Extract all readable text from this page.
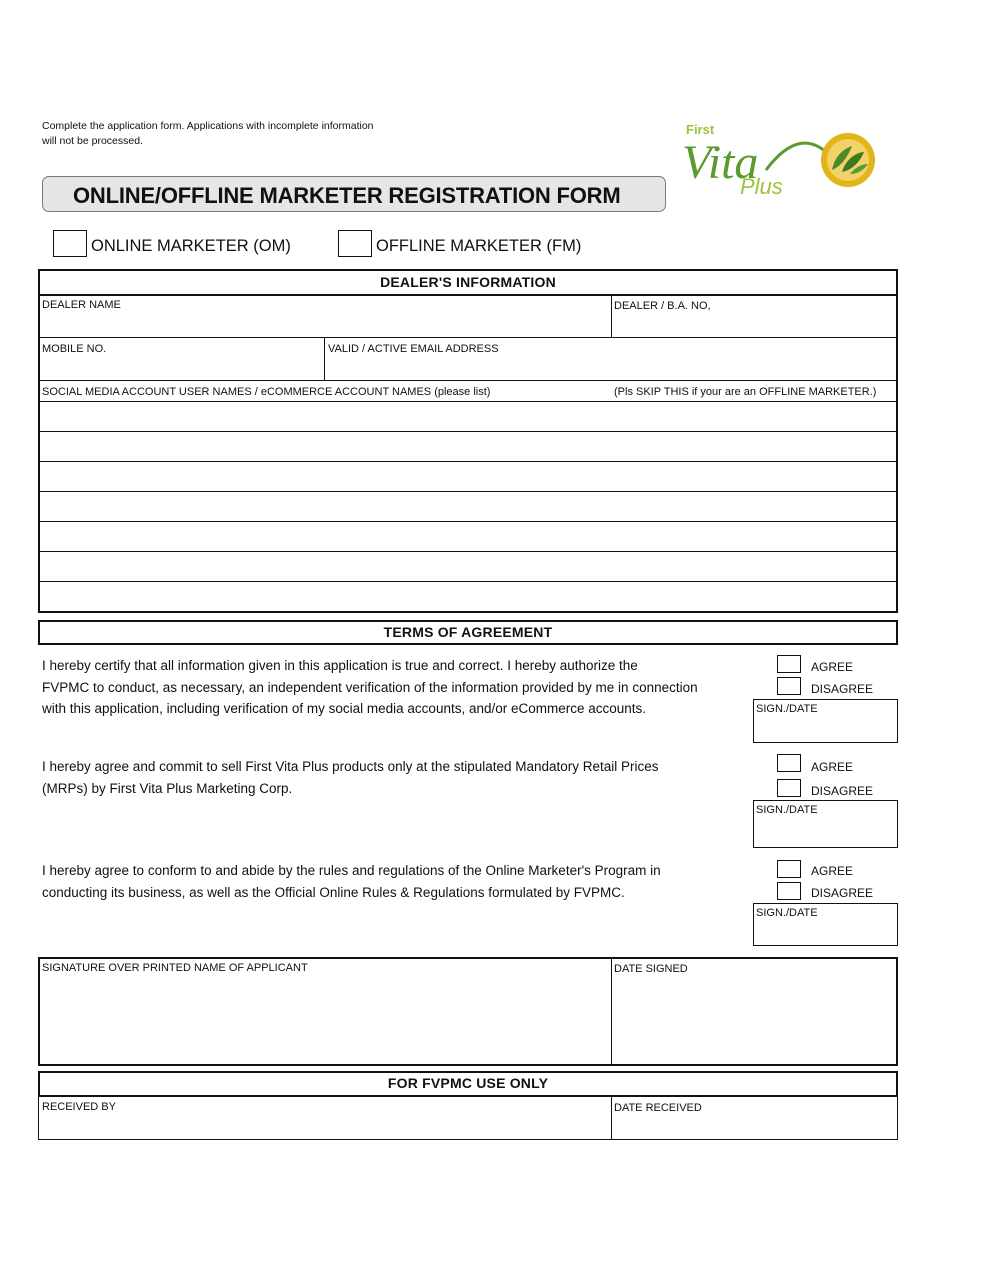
Complete the application form. Applications with incomplete information
will not be processed.
ONLINE/OFFLINE MARKETER REGISTRATION FORM
First
Vita
Plus
ONLINE MARKETER (OM)	OFFLINE MARKETER (FM)
DEALER'S INFORMATION
DEALER NAME	DEALER / B.A. NO,
MOBILE NO.	VALID / ACTIVE EMAIL ADDRESS
SOCIAL MEDIA ACCOUNT USER NAMES / eCOMMERCE ACCOUNT NAMES (please list)	(Pls SKIP THIS if your are an OFFLINE MARKETER.)
TERMS OF AGREEMENT
I hereby certify that all information given in this application is true and correct. I hereby authorize the
FVPMC to conduct, as necessary, an independent verification of the information provided by me in connection
with this application, including verification of my social media accounts, and/or eCommerce accounts.
AGREE
DISAGREE
SIGN./DATE
I hereby agree and commit to sell First Vita Plus products only at the stipulated Mandatory Retail Prices
(MRPs) by First Vita Plus Marketing Corp.
AGREE
DISAGREE
SIGN./DATE
I hereby agree to conform to and abide by the rules and regulations of the Online Marketer's Program in
conducting its business, as well as the Official Online Rules & Regulations formulated by FVPMC.
AGREE
DISAGREE
SIGN./DATE
SIGNATURE OVER PRINTED NAME OF APPLICANT	DATE SIGNED
FOR FVPMC USE ONLY
RECEIVED BY	DATE RECEIVED
